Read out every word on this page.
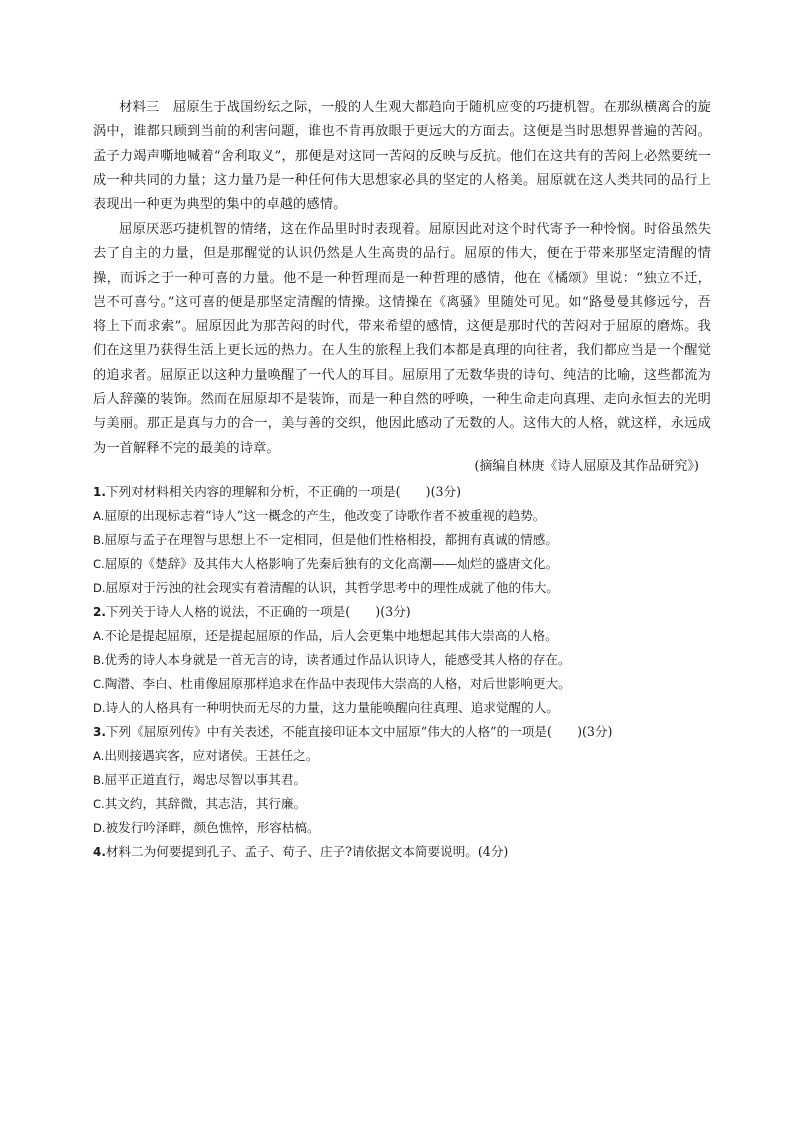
材料三　屈原生于战国纷纭之际，一般的人生观大都趋向于随机应变的巧捷机智。在那纵横离合的旋涡中，谁都只顾到当前的利害问题，谁也不肯再放眼于更远大的方面去。这便是当时思想界普遍的苦闷。孟子力竭声嘶地喊着“舍利取义”，那便是对这同一苦闷的反映与反抗。他们在这共有的苦闷上必然要统一成一种共同的力量；这力量乃是一种任何伟大思想家必具的坚定的人格美。屈原就在这人类共同的品行上表现出一种更为典型的集中的卓越的感情。

屈原厌恶巧捷机智的情绪，这在作品里时时表现着。屈原因此对这个时代寄予一种怜悯。时俗虽然失去了自主的力量，但是那醒觉的认识仍然是人生高贵的品行。屈原的伟大，便在于带来那坚定清醒的情操，而诉之于一种可喜的力量。他不是一种哲理而是一种哲理的感情，他在《橘颂》里说：“独立不迁，岂不可喜兮。”这可喜的便是那坚定清醒的情操。这情操在《离骚》里随处可见。如“路曼曼其修远兮，吾将上下而求索”。屈原因此为那苦闷的时代，带来希望的感情，这便是那时代的苦闷对于屈原的磨炼。我们在这里乃获得生活上更长远的热力。在人生的旅程上我们本都是真理的向往者，我们都应当是一个醒觉的追求者。屈原正以这种力量唤醒了一代人的耳目。屈原用了无数华贵的诗句、纯洁的比喻，这些都流为后人辞藻的装饰。然而在屈原却不是装饰，而是一种自然的呼唤，一种生命走向真理、走向永恒去的光明与美丽。那正是真与力的合一，美与善的交织，他因此感动了无数的人。这伟大的人格，就这样，永远成为一首解释不完的最美的诗章。

(摘编自林庚《诗人屈原及其作品研究》)

1.下列对材料相关内容的理解和分析，不正确的一项是(　　)(3分)

A.屈原的出现标志着“诗人”这一概念的产生，他改变了诗歌作者不被重视的趋势。

B.屈原与孟子在理智与思想上不一定相同，但是他们性格相投，都拥有真诚的情感。

C.屈原的《楚辞》及其伟大人格影响了先秦后独有的文化高潮——灿烂的盛唐文化。

D.屈原对于污浊的社会现实有着清醒的认识，其哲学思考中的理性成就了他的伟大。

2.下列关于诗人人格的说法，不正确的一项是(　　)(3分)

A.不论是提起屈原，还是提起屈原的作品，后人会更集中地想起其伟大崇高的人格。

B.优秀的诗人本身就是一首无言的诗，读者通过作品认识诗人，能感受其人格的存在。

C.陶潜、李白、杜甫像屈原那样追求在作品中表现伟大崇高的人格，对后世影响更大。

D.诗人的人格具有一种明快而无尽的力量，这力量能唤醒向往真理、追求觉醒的人。

3.下列《屈原列传》中有关表述，不能直接印证本文中屈原“伟大的人格”的一项是(　　)(3分)

A.出则接遇宾客，应对诸侯。王甚任之。

B.屈平正道直行，竭忠尽智以事其君。

C.其文约，其辞微，其志洁，其行廉。

D.被发行吟泽畔，颜色憔悴，形容枯槁。

4.材料二为何要提到孔子、孟子、荀子、庄子?请依据文本简要说明。(4分)
